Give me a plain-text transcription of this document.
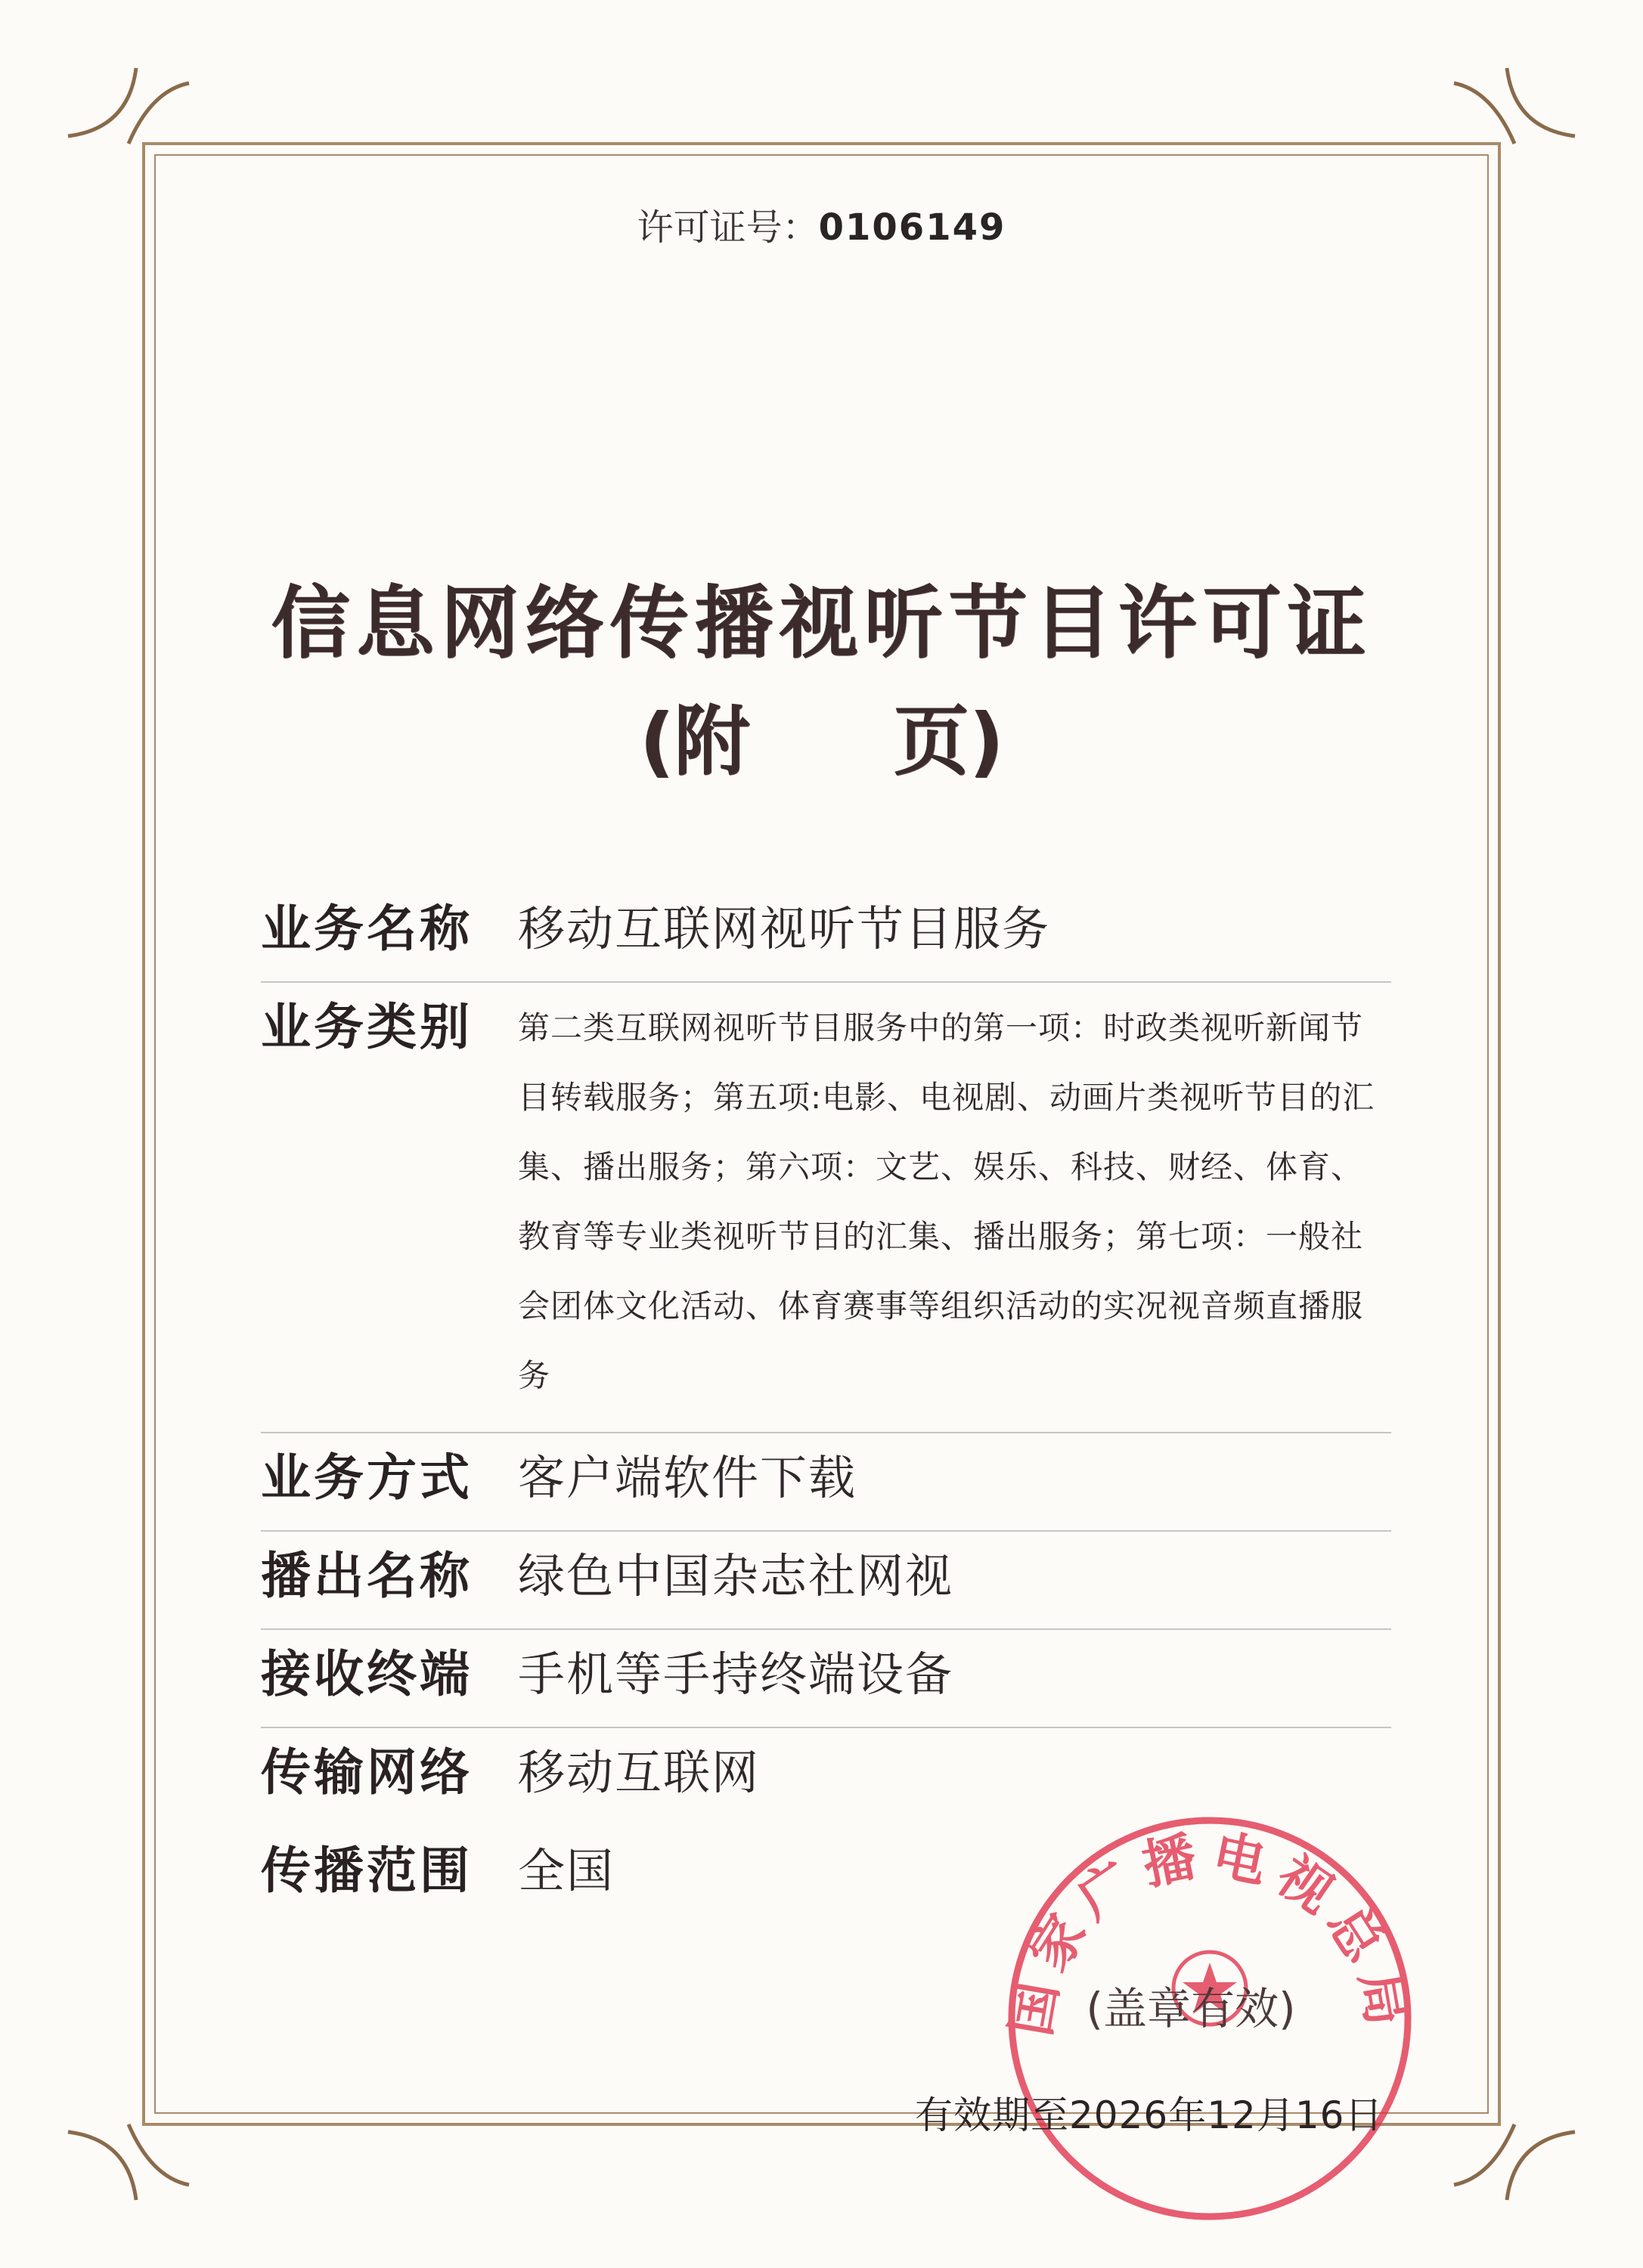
许可证号：0106149
信息网络传播视听节目许可证
(附 页)
业务名称 移动互联网视听节目服务
业务类别	第二类互联网视听节目服务中的第一项：时政类视听新闻节目转载服务；第五项:电影、电视剧、动画片类视听节目的汇集、播出服务；第六项：文艺、娱乐、科技、财经、体育、教育等专业类视听节目的汇集、播出服务；第七项：一般社会团体文化活动、体育赛事等组织活动的实况视音频直播服务
业务方式 客户端软件下载
播出名称 绿色中国杂志社网视
接收终端 手机等手持终端设备
传输网络 移动互联网
传播范围 全国
国家广播电视总局
(盖章有效)
有效期至2026年12月16日
